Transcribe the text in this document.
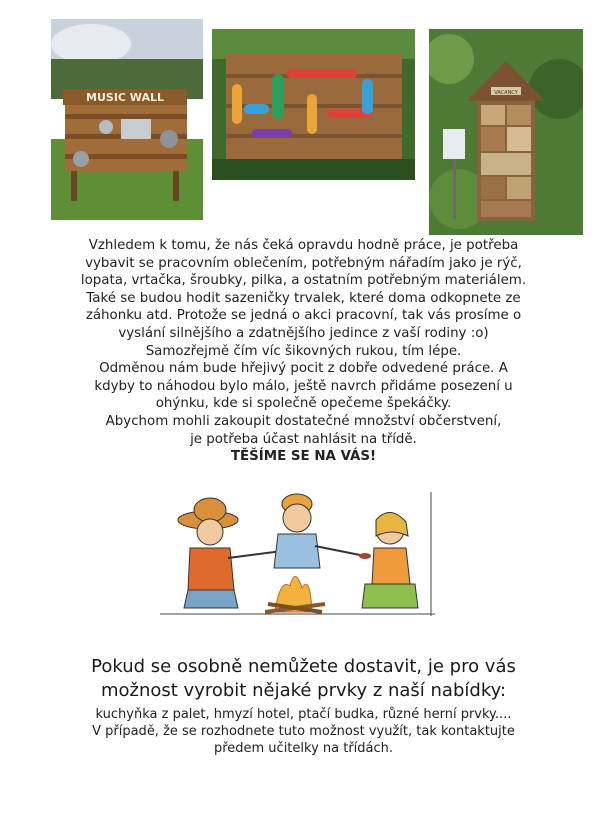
MUSIC WALL	VACANCY
Vzhledem k tomu, že nás čeká opravdu hodně práce, je potřeba
vybavit se pracovním oblečením, potřebným nářadím jako je rýč,
lopata, vrtačka, šroubky, pilka, a ostatním potřebným materiálem.
Také se budou hodit sazeničky trvalek, které doma odkopnete ze
záhonku atd. Protože se jedná o akci pracovní, tak vás prosíme o
vyslání silnějšího a zdatnějšího jedince z vaší rodiny :o)
Samozřejmě čím víc šikovných rukou, tím lépe.
Odměnou nám bude hřejivý pocit z dobře odvedené práce. A
kdyby to náhodou bylo málo, ještě navrch přidáme posezení u
ohýnku, kde si společně opečeme špekáčky.
Abychom mohli zakoupit dostatečné množství občerstvení,
je potřeba účast nahlásit na třídě.
TĚŠÍME SE NA VÁS!
Pokud se osobně nemůžete dostavit, je pro vás
možnost vyrobit nějaké prvky z naší nabídky:
kuchyňka z palet, hmyzí hotel, ptačí budka, různé herní prvky....
V případě, že se rozhodnete tuto možnost využít, tak kontaktujte
předem učitelky na třídách.
